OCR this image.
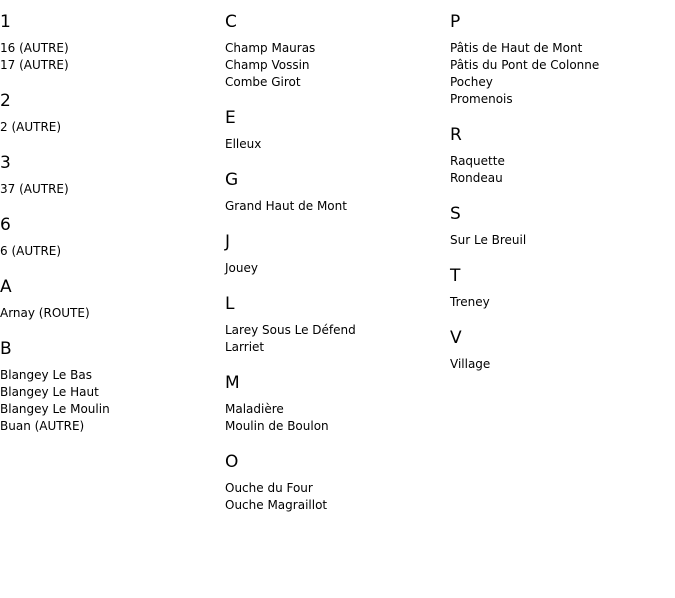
1
16 (AUTRE)
17 (AUTRE)
2
2 (AUTRE)
3
37 (AUTRE)
6
6 (AUTRE)
A
Arnay (ROUTE)
B
Blangey Le Bas
Blangey Le Haut
Blangey Le Moulin
Buan (AUTRE)
C
Champ Mauras
Champ Vossin
Combe Girot
E
Elleux
G
Grand Haut de Mont
J
Jouey
L
Larey Sous Le Défend
Larriet
M
Maladière
Moulin de Boulon
O
Ouche du Four
Ouche Magraillot
P
Pâtis de Haut de Mont
Pâtis du Pont de Colonne
Pochey
Promenois
R
Raquette
Rondeau
S
Sur Le Breuil
T
Treney
V
Village
